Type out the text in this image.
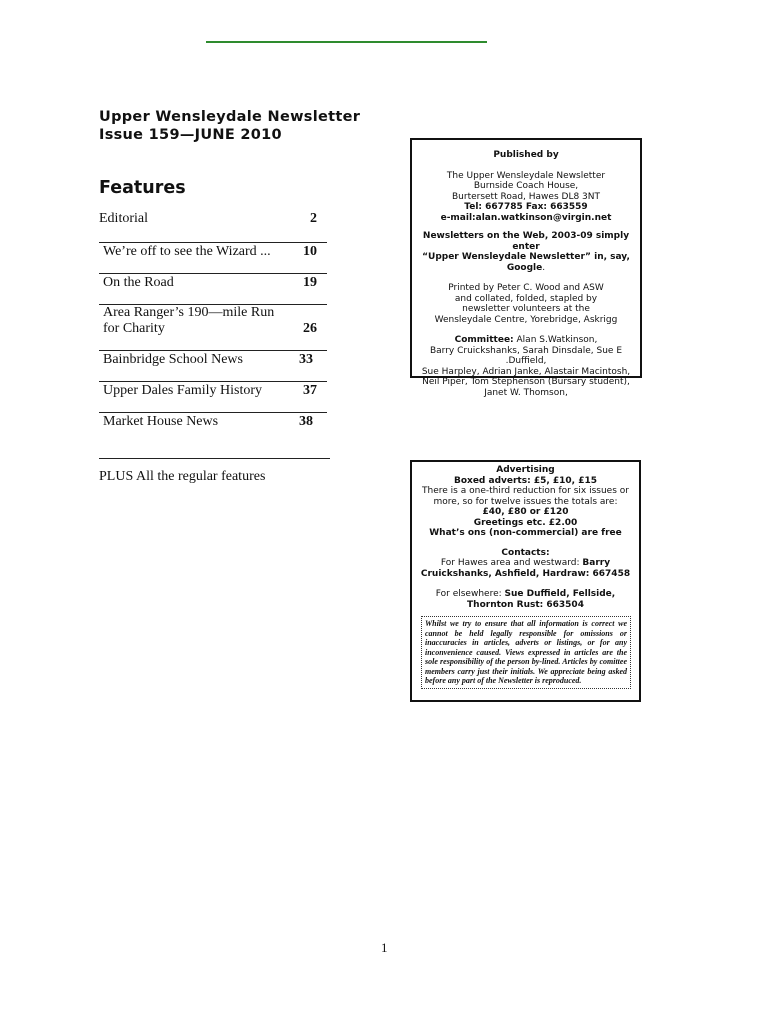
Upper Wensleydale Newsletter
Issue 159—JUNE 2010
Features
Editorial	2
We’re off to see the Wizard ...	10
On the Road	19
Area Ranger’s 190—mile Run for Charity	26
Bainbridge School News	33
Upper Dales Family History	37
Market House News	38
PLUS All the regular features

Published by

The Upper Wensleydale Newsletter

Burnside Coach House,

Burtersett Road, Hawes DL8 3NT

Tel: 667785 Fax: 663559

e-mail:alan.watkinson@virgin.net

Newsletters on the Web, 2003-09 simply enter

“Upper Wensleydale Newsletter” in, say, Google.

Printed by Peter C. Wood and ASW

and collated, folded, stapled by

newsletter volunteers at the

Wensleydale Centre, Yorebridge, Askrigg

Committee: Alan S.Watkinson,

Barry Cruickshanks, Sarah Dinsdale, Sue E .Duffield,

Sue Harpley, Adrian Janke, Alastair Macintosh,

Neil Piper, Tom Stephenson (Bursary student),

Janet W. Thomson,

Advertising

Boxed adverts: £5, £10, £15

There is a one-third reduction for six issues or

more, so for twelve issues the totals are:

£40, £80 or £120

Greetings etc. £2.00

What’s ons (non-commercial) are free

Contacts:

For Hawes area and westward: Barry

Cruickshanks, Ashfield, Hardraw: 667458

For elsewhere: Sue Duffield, Fellside,

Thornton Rust: 663504

Whilst we try to ensure that all information is correct we cannot be held legally responsible for omissions or inaccuracies in articles, adverts or listings, or for any inconvenience caused. Views expressed in articles are the sole responsibility of the person by-lined. Articles by comittee members carry just their initials. We appreciate being asked before any part of the Newsletter is reproduced.
1
